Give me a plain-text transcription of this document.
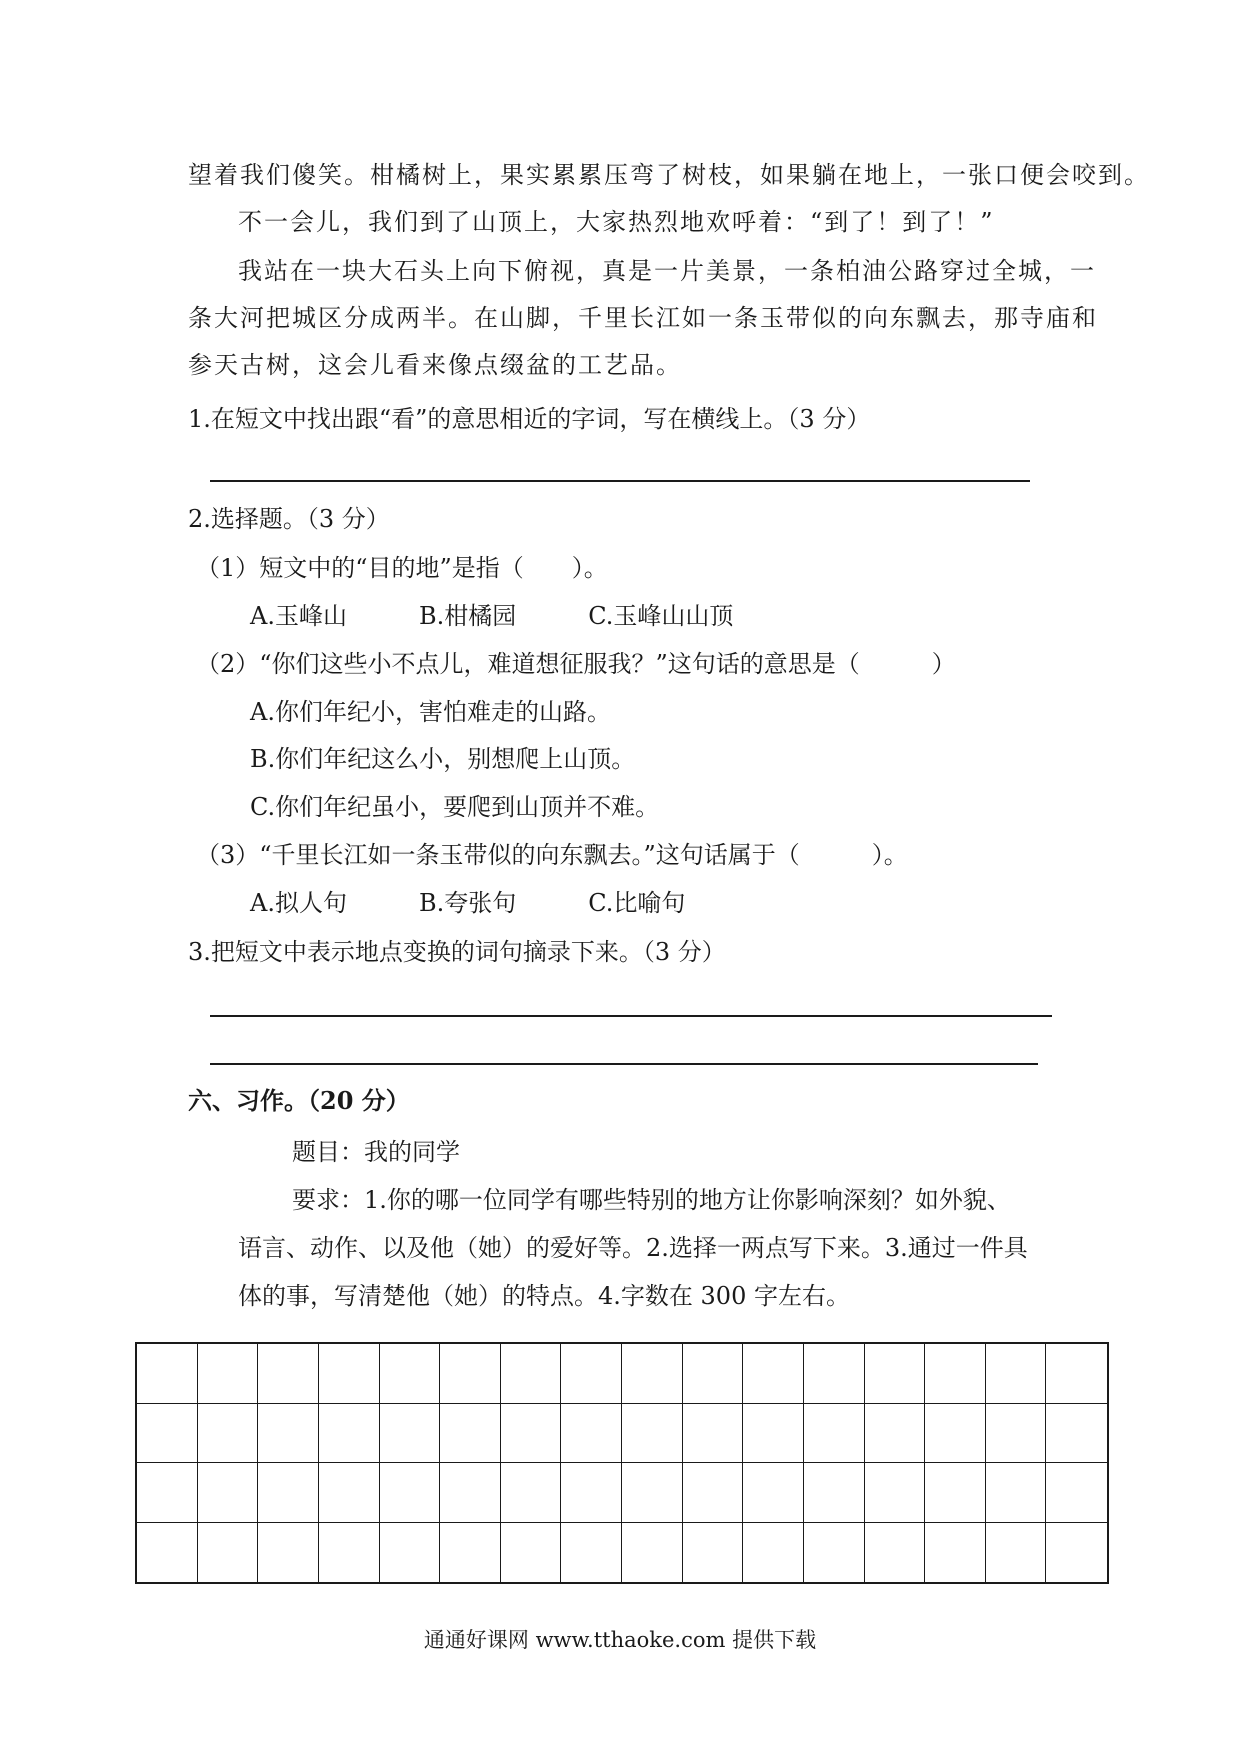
望着我们傻笑。柑橘树上，果实累累压弯了树枝，如果躺在地上，一张口便会咬到。
不一会儿，我们到了山顶上，大家热烈地欢呼着：“到了！到了！”
我站在一块大石头上向下俯视，真是一片美景，一条柏油公路穿过全城，一
条大河把城区分成两半。在山脚，千里长江如一条玉带似的向东飘去，那寺庙和
参天古树，这会儿看来像点缀盆的工艺品。
1.在短文中找出跟“看”的意思相近的字词，写在横线上。（3 分）
2.选择题。（3 分）
（1）短文中的“目的地”是指（　　）。
A.玉峰山　　　B.柑橘园　　　C.玉峰山山顶
（2）“你们这些小不点儿，难道想征服我？”这句话的意思是（　　　）
A.你们年纪小，害怕难走的山路。
B.你们年纪这么小，别想爬上山顶。
C.你们年纪虽小，要爬到山顶并不难。
（3）“千里长江如一条玉带似的向东飘去。”这句话属于（　　　）。
A.拟人句　　　B.夸张句　　　C.比喻句
3.把短文中表示地点变换的词句摘录下来。（3 分）
六、习作。（20 分）
题目：我的同学
要求：1.你的哪一位同学有哪些特别的地方让你影响深刻？如外貌、
语言、动作、以及他（她）的爱好等。2.选择一两点写下来。3.通过一件具
体的事，写清楚他（她）的特点。4.字数在 300 字左右。
通通好课网 www.tthaoke.com 提供下载
